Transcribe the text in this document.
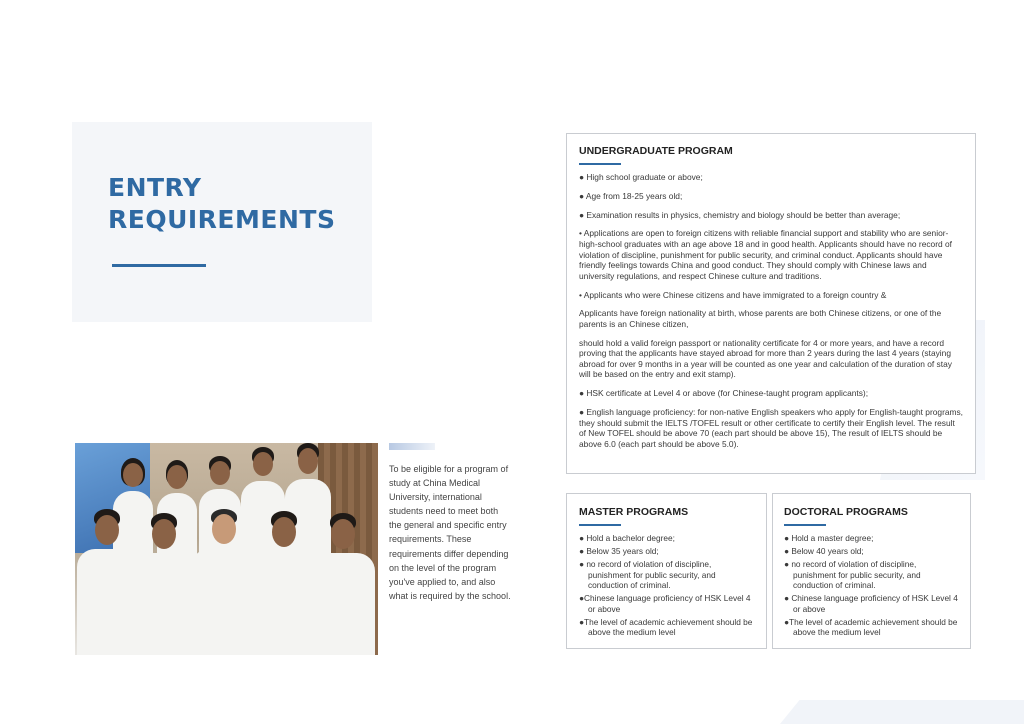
ENTRY
REQUIREMENTS

To be eligible for a program of study at China Medical University, international students need to meet both the general and specific entry requirements. These requirements differ depending on the level of the program you've applied to, and also what is required by the school.

UNDERGRADUATE PROGRAM

● High school graduate or above;

● Age from 18-25 years old;

● Examination results in physics, chemistry and biology should be better than average;

• Applications are open to foreign citizens with reliable financial support and stability who are senior-high-school graduates with an age above 18 and in good health. Applicants should have no record of violation of discipline, punishment for public security, and criminal conduct. Applicants should have friendly feelings towards China and good conduct. They should comply with Chinese laws and university regulations, and respect Chinese culture and traditions.

• Applicants who were Chinese citizens and have immigrated to a foreign country &

Applicants have foreign nationality at birth, whose parents are both Chinese citizens, or one of the parents is an Chinese citizen,

should hold a valid foreign passport or nationality certificate for 4 or more years, and have a record proving that the applicants have stayed abroad for more than 2 years during the last 4 years (staying abroad for over 9 months in a year will be counted as one year and calculation of the duration of stay will be based on the entry and exit stamp).

● HSK certificate at Level 4 or above (for Chinese-taught program applicants);

● English language proficiency: for non-native English speakers who apply for English-taught programs, they should submit the IELTS /TOFEL result or other certificate to certify their English level. The result of New TOFEL should be above 70 (each part should be above 15), The result of IELTS should be above 6.0 (each part should be above 5.0).

MASTER PROGRAMS

● Hold a bachelor degree;

● Below 35 years old;

● no record of violation of discipline, punishment for public security, and conduction of criminal.

●Chinese language proficiency of HSK Level 4 or above

●The level of academic achievement should be above the medium level

DOCTORAL PROGRAMS

● Hold a master degree;

● Below 40 years old;

● no record of violation of discipline, punishment for public security, and conduction of criminal.

● Chinese language proficiency of HSK Level 4 or above

●The level of academic achievement should be above the medium level
